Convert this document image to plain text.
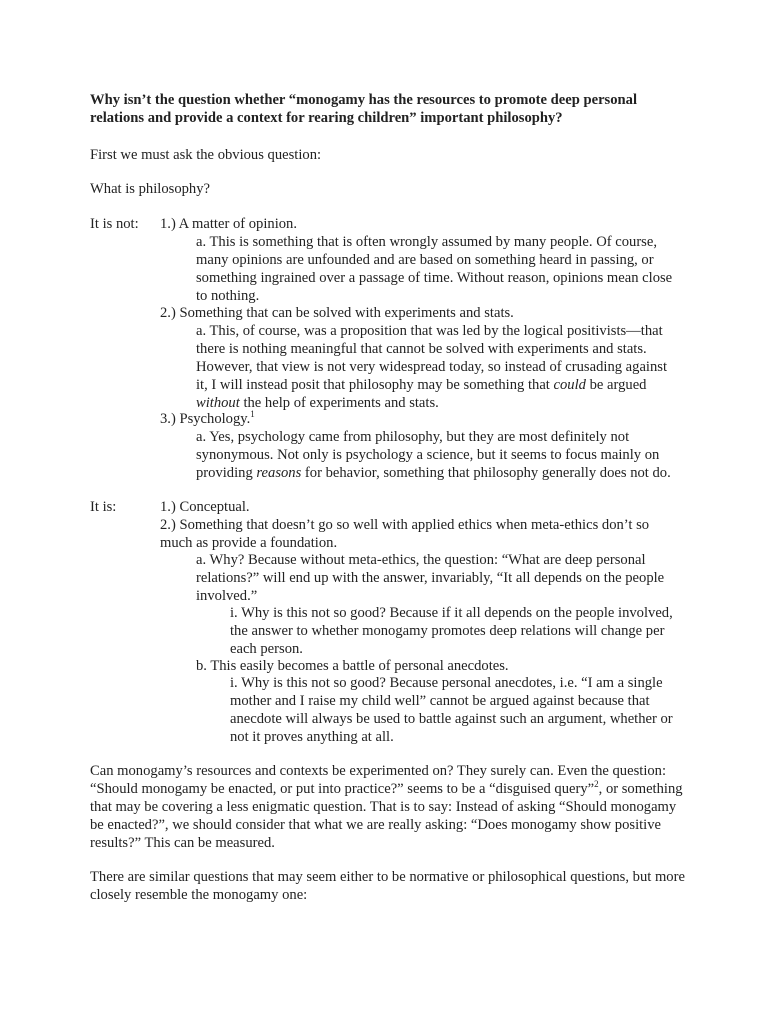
Why isn’t the question whether “monogamy has the resources to promote deep personal relations and provide a context for rearing children” important philosophy?

First we must ask the obvious question:

What is philosophy?

It is not:	1.) A matter of opinion.
a. This is something that is often wrongly assumed by many people. Of course, many opinions are unfounded and are based on something heard in passing, or something ingrained over a passage of time. Without reason, opinions mean close to nothing.
2.) Something that can be solved with experiments and stats.
a. This, of course, was a proposition that was led by the logical positivists—that there is nothing meaningful that cannot be solved with experiments and stats. However, that view is not very widespread today, so instead of crusading against it, I will instead posit that philosophy may be something that could be argued without the help of experiments and stats.
3.) Psychology.$^1$
a. Yes, psychology came from philosophy, but they are most definitely not synonymous. Not only is psychology a science, but it seems to focus mainly on providing reasons for behavior, something that philosophy generally does not do.
It is:	1.) Conceptual.
2.) Something that doesn’t go so well with applied ethics when meta-ethics don’t so much as provide a foundation.
a. Why? Because without meta-ethics, the question: “What are deep personal relations?” will end up with the answer, invariably, “It all depends on the people involved.”
i. Why is this not so good? Because if it all depends on the people involved, the answer to whether monogamy promotes deep relations will change per each person.
b. This easily becomes a battle of personal anecdotes.
i. Why is this not so good? Because personal anecdotes, i.e. “I am a single mother and I raise my child well” cannot be argued against because that anecdote will always be used to battle against such an argument, whether or not it proves anything at all.
Can monogamy’s resources and contexts be experimented on? They surely can. Even the question: “Should monogamy be enacted, or put into practice?” seems to be a “disguised query”$^2$, or something that may be covering a less enigmatic question. That is to say: Instead of asking “Should monogamy be enacted?”, we should consider that what we are really asking: “Does monogamy show positive results?” This can be measured.
There are similar questions that may seem either to be normative or philosophical questions, but more closely resemble the monogamy one:
